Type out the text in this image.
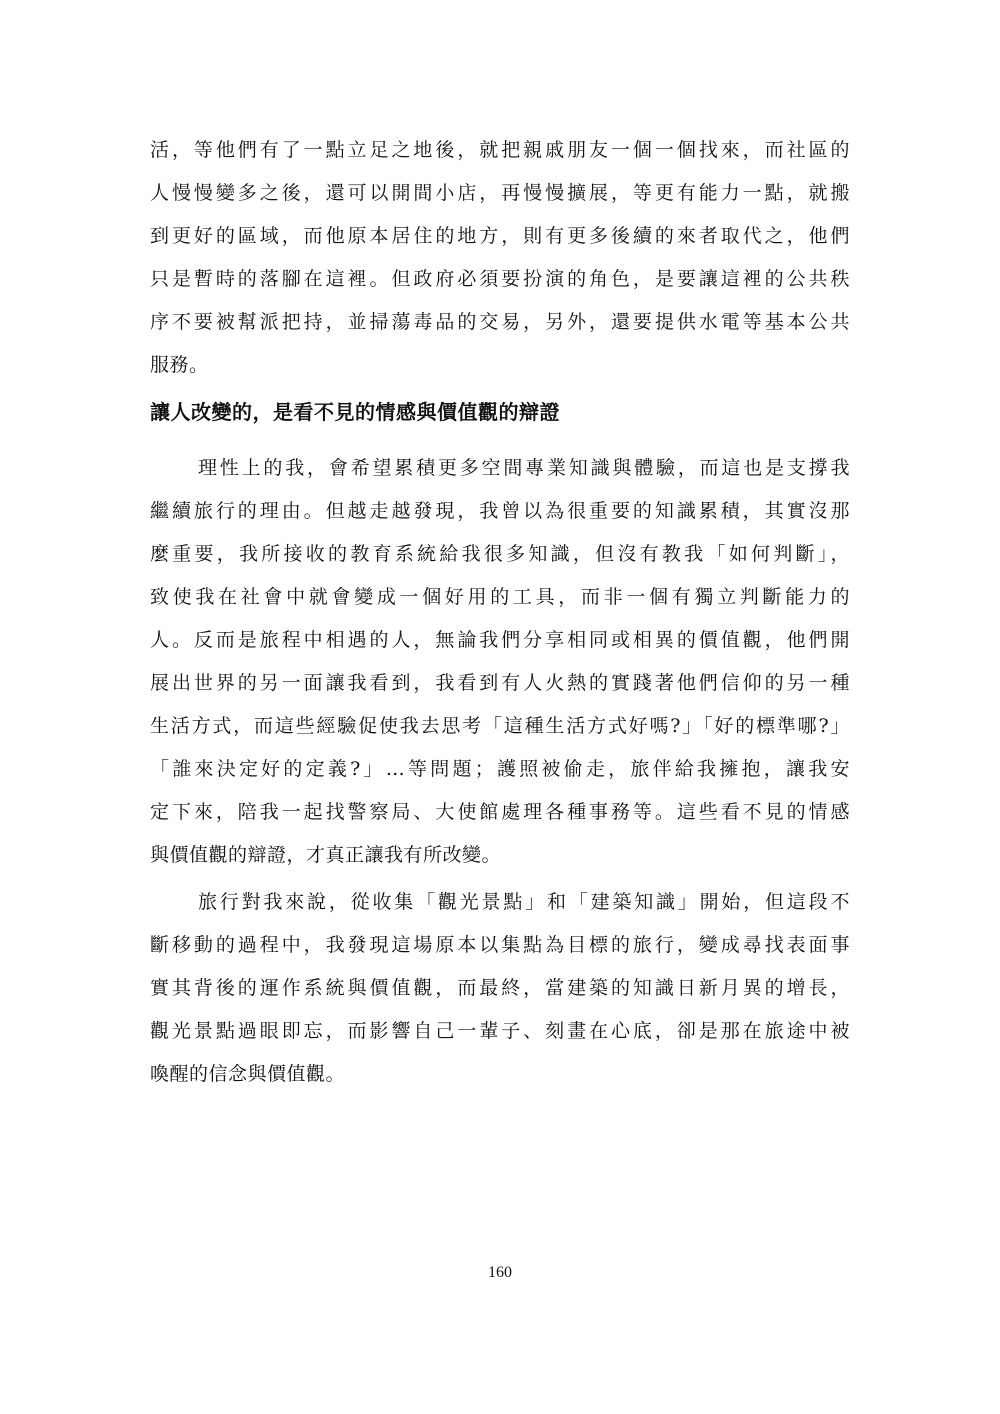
活，等他們有了一點立足之地後，就把親戚朋友一個一個找來，而社區的
人慢慢變多之後，還可以開間小店，再慢慢擴展，等更有能力一點，就搬
到更好的區域，而他原本居住的地方，則有更多後續的來者取代之，他們
只是暫時的落腳在這裡。但政府必須要扮演的角色，是要讓這裡的公共秩
序不要被幫派把持，並掃蕩毒品的交易，另外，還要提供水電等基本公共
服務。
讓人改變的，是看不見的情感與價值觀的辯證
理性上的我，會希望累積更多空間專業知識與體驗，而這也是支撐我
繼續旅行的理由。但越走越發現，我曾以為很重要的知識累積，其實沒那
麼重要，我所接收的教育系統給我很多知識，但沒有教我「如何判斷」，
致使我在社會中就會變成一個好用的工具，而非一個有獨立判斷能力的
人。反而是旅程中相遇的人，無論我們分享相同或相異的價值觀，他們開
展出世界的另一面讓我看到，我看到有人火熱的實踐著他們信仰的另一種
生活方式，而這些經驗促使我去思考「這種生活方式好嗎?」「好的標準哪?」
「誰來決定好的定義?」…等問題；護照被偷走，旅伴給我擁抱，讓我安
定下來，陪我一起找警察局、大使館處理各種事務等。這些看不見的情感
與價值觀的辯證，才真正讓我有所改變。
旅行對我來說，從收集「觀光景點」和「建築知識」開始，但這段不
斷移動的過程中，我發現這場原本以集點為目標的旅行，變成尋找表面事
實其背後的運作系統與價值觀，而最終，當建築的知識日新月異的增長，
觀光景點過眼即忘，而影響自己一輩子、刻畫在心底，卻是那在旅途中被
喚醒的信念與價值觀。
160
